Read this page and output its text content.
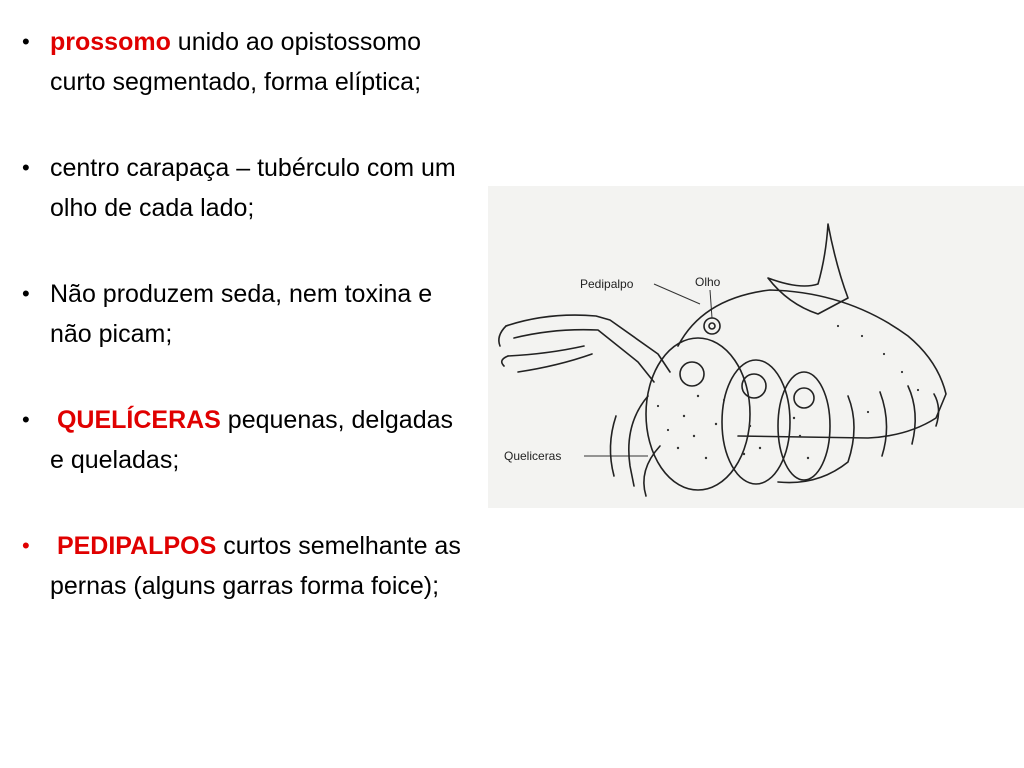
• prossomo unido ao opistossomo curto segmentado, forma elíptica;
• centro carapaça – tubérculo com um olho de cada lado;
• Não produzem seda, nem toxina e não picam;
• QUELÍCERAS pequenas, delgadas e queladas;
• PEDIPALPOS curtos semelhante as pernas (alguns garras forma foice);
Pedipalpo	Olho
Queliceras
